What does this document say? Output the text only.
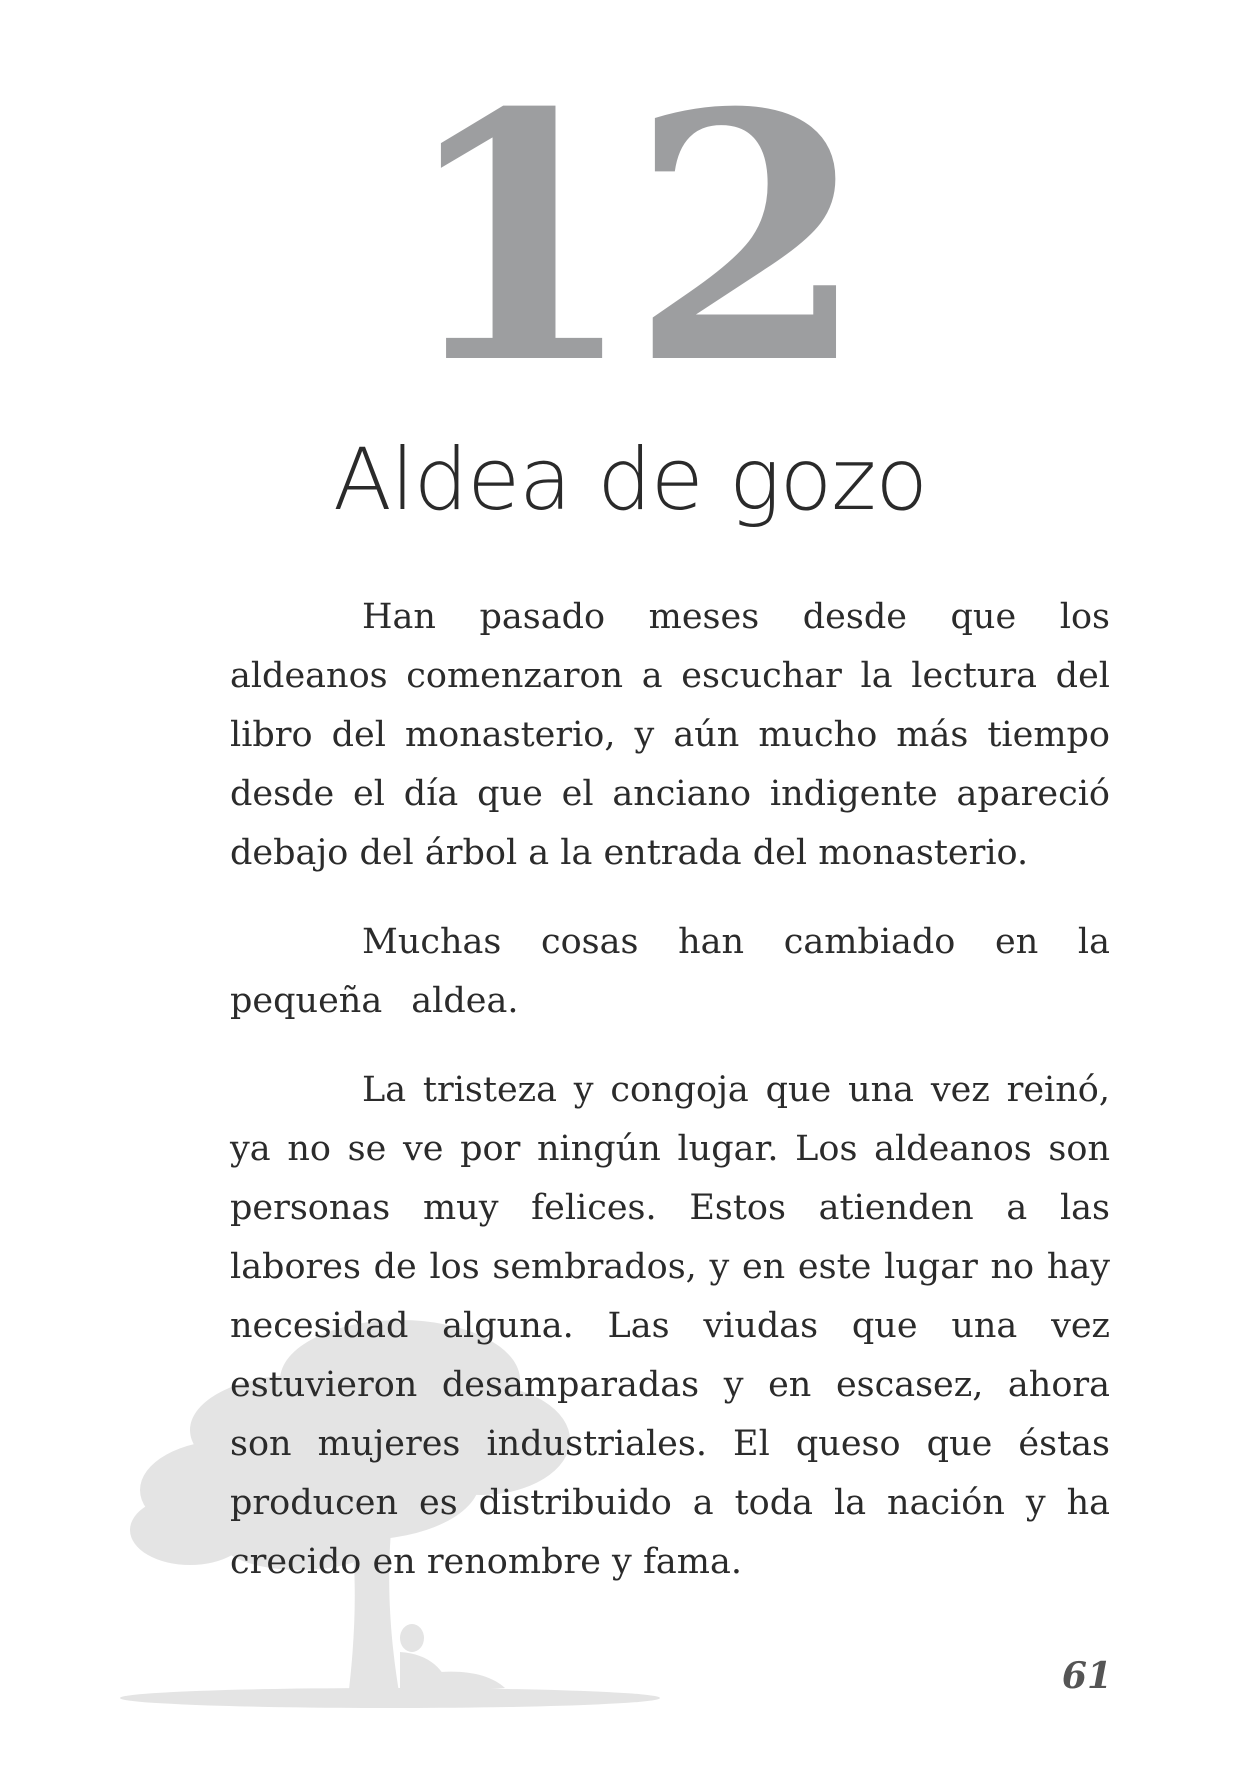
12
Aldea de gozo

Han pasado meses desde que los aldeanos comenzaron a escuchar la lectura del libro del monasterio, y aún mucho más tiempo desde el día que el anciano indigente apareció debajo del árbol a la entrada del monasterio.

Muchas cosas han cambiado en la pequeña aldea.

La tristeza y congoja que una vez reinó, ya no se ve por ningún lugar. Los aldeanos son personas muy felices. Estos atienden a las labores de los sembrados, y en este lugar no hay necesidad alguna. Las viudas que una vez estuvieron desamparadas y en escasez, ahora son mujeres industriales. El queso que éstas producen es distribuido a toda la nación y ha crecido en renombre y fama.

61
